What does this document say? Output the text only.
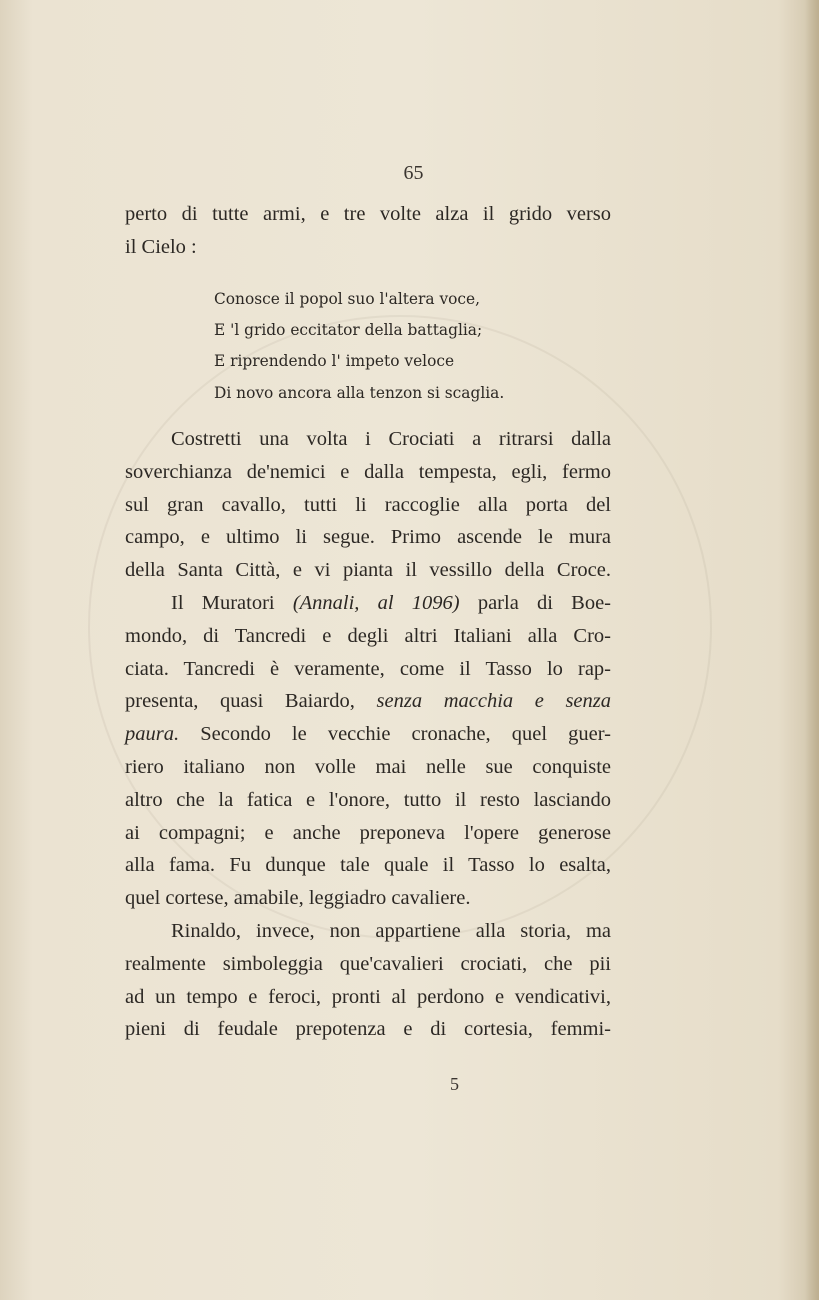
65
perto di tutte armi, e tre volte alza il grido verso
il Cielo :
Conosce il popol suo l'altera voce,
E 'l grido eccitator della battaglia;
E riprendendo l' impeto veloce
Di novo ancora alla tenzon si scaglia.
Costretti una volta i Crociati a ritrarsi dalla
soverchianza de'nemici e dalla tempesta, egli, fermo
sul gran cavallo, tutti li raccoglie alla porta del
campo, e ultimo li segue. Primo ascende le mura
della Santa Città, e vi pianta il vessillo della Croce.
Il Muratori (Annali, al 1096) parla di Boe-
mondo, di Tancredi e degli altri Italiani alla Cro-
ciata. Tancredi è veramente, come il Tasso lo rap-
presenta, quasi Baiardo, senza macchia e senza
paura. Secondo le vecchie cronache, quel guer-
riero italiano non volle mai nelle sue conquiste
altro che la fatica e l'onore, tutto il resto lasciando
ai compagni; e anche preponeva l'opere generose
alla fama. Fu dunque tale quale il Tasso lo esalta,
quel cortese, amabile, leggiadro cavaliere.
Rinaldo, invece, non appartiene alla storia, ma
realmente simboleggia que'cavalieri crociati, che pii
ad un tempo e feroci, pronti al perdono e vendicativi,
pieni di feudale prepotenza e di cortesia, femmi-
5
